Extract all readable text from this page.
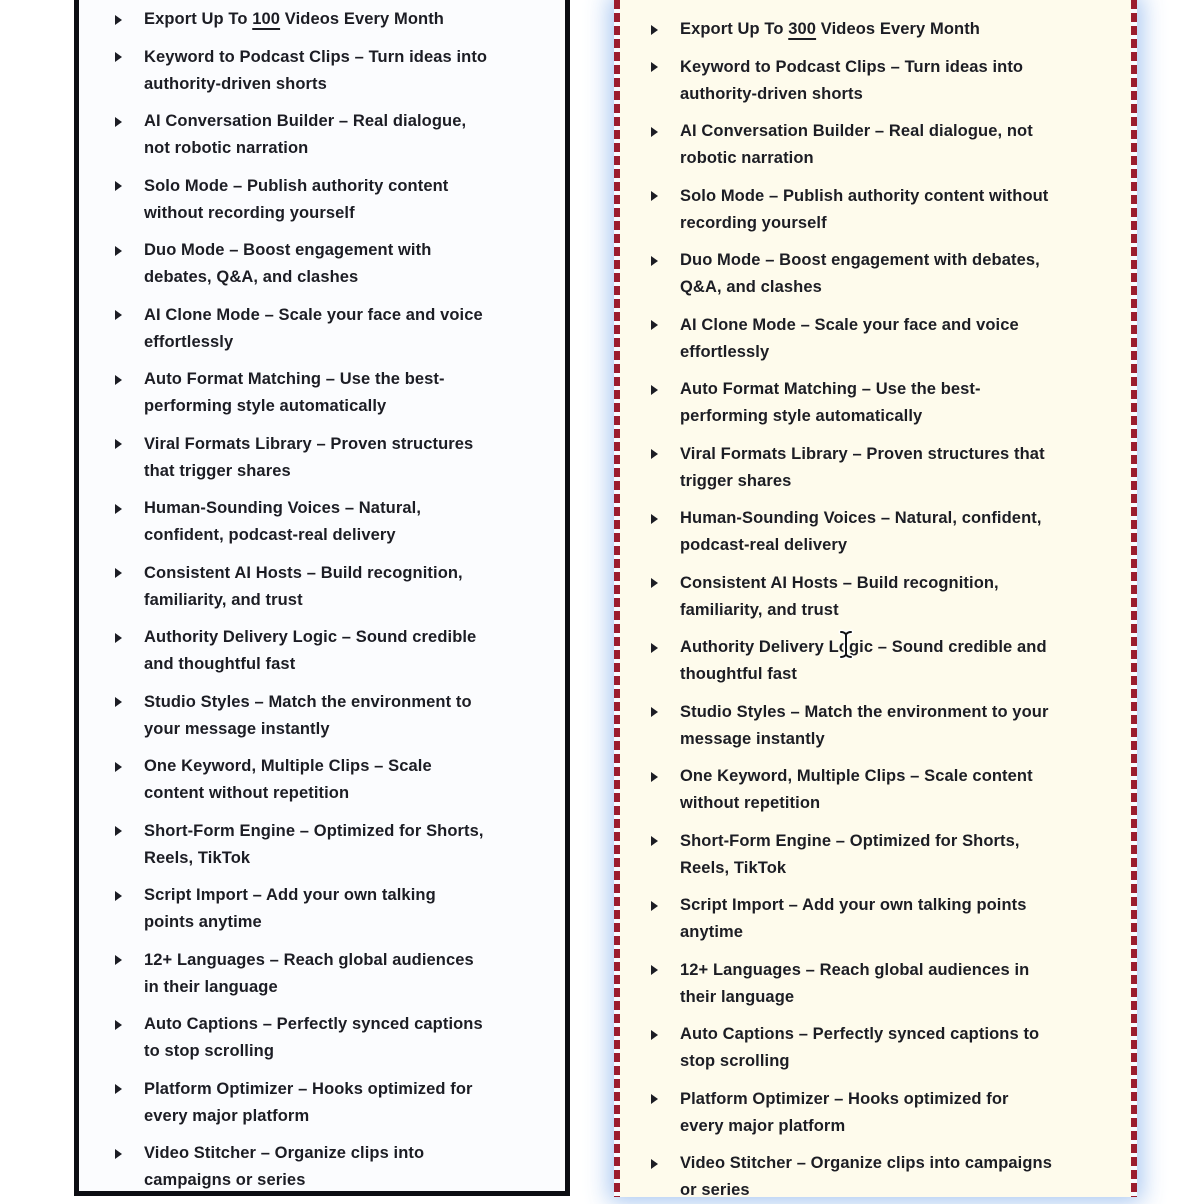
Export Up To 100 Videos Every Month
Keyword to Podcast Clips – Turn ideas into
authority-driven shorts
AI Conversation Builder – Real dialogue,
not robotic narration
Solo Mode – Publish authority content
without recording yourself
Duo Mode – Boost engagement with
debates, Q&A, and clashes
AI Clone Mode – Scale your face and voice
effortlessly
Auto Format Matching – Use the best-
performing style automatically
Viral Formats Library – Proven structures
that trigger shares
Human-Sounding Voices – Natural,
confident, podcast-real delivery
Consistent AI Hosts – Build recognition,
familiarity, and trust
Authority Delivery Logic – Sound credible
and thoughtful fast
Studio Styles – Match the environment to
your message instantly
One Keyword, Multiple Clips – Scale
content without repetition
Short-Form Engine – Optimized for Shorts,
Reels, TikTok
Script Import – Add your own talking
points anytime
12+ Languages – Reach global audiences
in their language
Auto Captions – Perfectly synced captions
to stop scrolling
Platform Optimizer – Hooks optimized for
every major platform
Video Stitcher – Organize clips into
campaigns or series
Export Up To 300 Videos Every Month
Keyword to Podcast Clips – Turn ideas into
authority-driven shorts
AI Conversation Builder – Real dialogue, not
robotic narration
Solo Mode – Publish authority content without
recording yourself
Duo Mode – Boost engagement with debates,
Q&A, and clashes
AI Clone Mode – Scale your face and voice
effortlessly
Auto Format Matching – Use the best-
performing style automatically
Viral Formats Library – Proven structures that
trigger shares
Human-Sounding Voices – Natural, confident,
podcast-real delivery
Consistent AI Hosts – Build recognition,
familiarity, and trust
Authority Delivery Logic – Sound credible and
thoughtful fast
Studio Styles – Match the environment to your
message instantly
One Keyword, Multiple Clips – Scale content
without repetition
Short-Form Engine – Optimized for Shorts,
Reels, TikTok
Script Import – Add your own talking points
anytime
12+ Languages – Reach global audiences in
their language
Auto Captions – Perfectly synced captions to
stop scrolling
Platform Optimizer – Hooks optimized for
every major platform
Video Stitcher – Organize clips into campaigns
or series
